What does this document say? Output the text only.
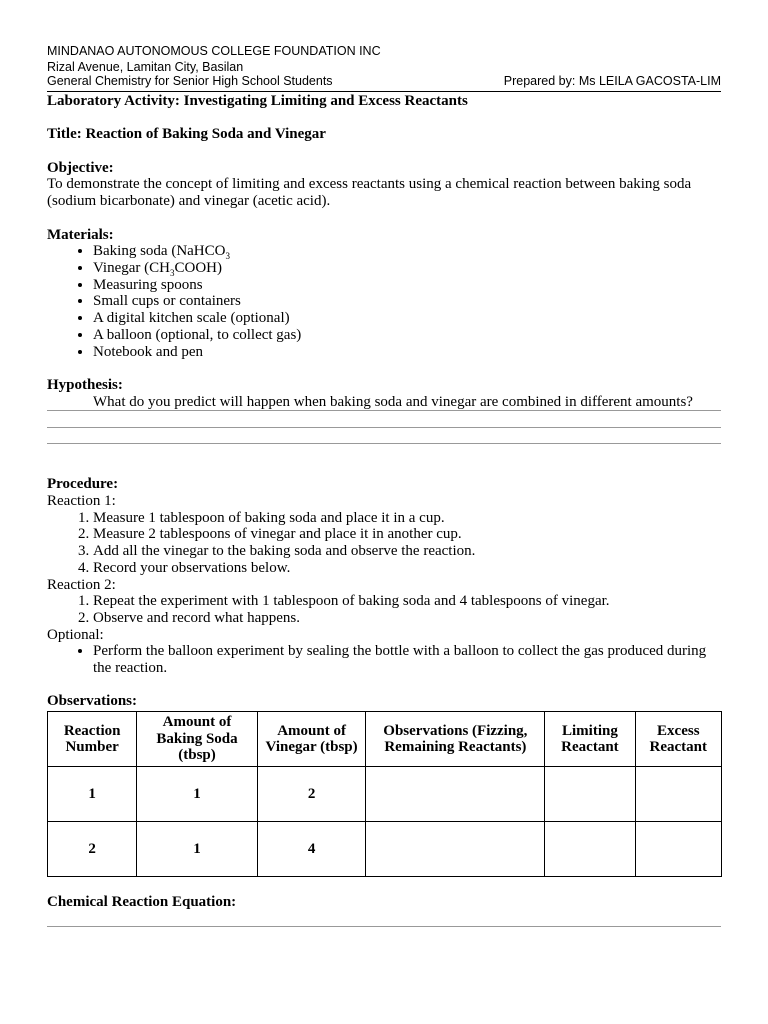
MINDANAO AUTONOMOUS COLLEGE FOUNDATION INC
Rizal Avenue, Lamitan City, Basilan
General Chemistry for Senior High School Students	Prepared by: Ms LEILA GACOSTA-LIM

Laboratory Activity: Investigating Limiting and Excess Reactants

Title: Reaction of Baking Soda and Vinegar

Objective:

To demonstrate the concept of limiting and excess reactants using a chemical reaction between baking soda (sodium bicarbonate) and vinegar (acetic acid).

Materials:

• Baking soda (NaHCO$_3$
• Vinegar $(CH_3COOH)$
• Measuring spoons
• Small cups or containers
• A digital kitchen scale (optional)
• A balloon (optional, to collect gas)
• Notebook and pen

Hypothesis:

What do you predict will happen when baking soda and vinegar are combined in different amounts?

Procedure:

Reaction 1:

1. Measure 1 tablespoon of baking soda and place it in a cup.
2. Measure 2 tablespoons of vinegar and place it in another cup.
3. Add all the vinegar to the baking soda and observe the reaction.
4. Record your observations below.

Reaction 2:

1. Repeat the experiment with 1 tablespoon of baking soda and 4 tablespoons of vinegar.
2. Observe and record what happens.

Optional:

• Perform the balloon experiment by sealing the bottle with a balloon to collect the gas produced during the reaction.

Observations:

Reaction Number	Amount of Baking Soda (tbsp)	Amount of Vinegar (tbsp)	Observations (Fizzing, Remaining Reactants)	Limiting Reactant	Excess Reactant
1	1	2			
2	1	4			

Chemical Reaction Equation:
